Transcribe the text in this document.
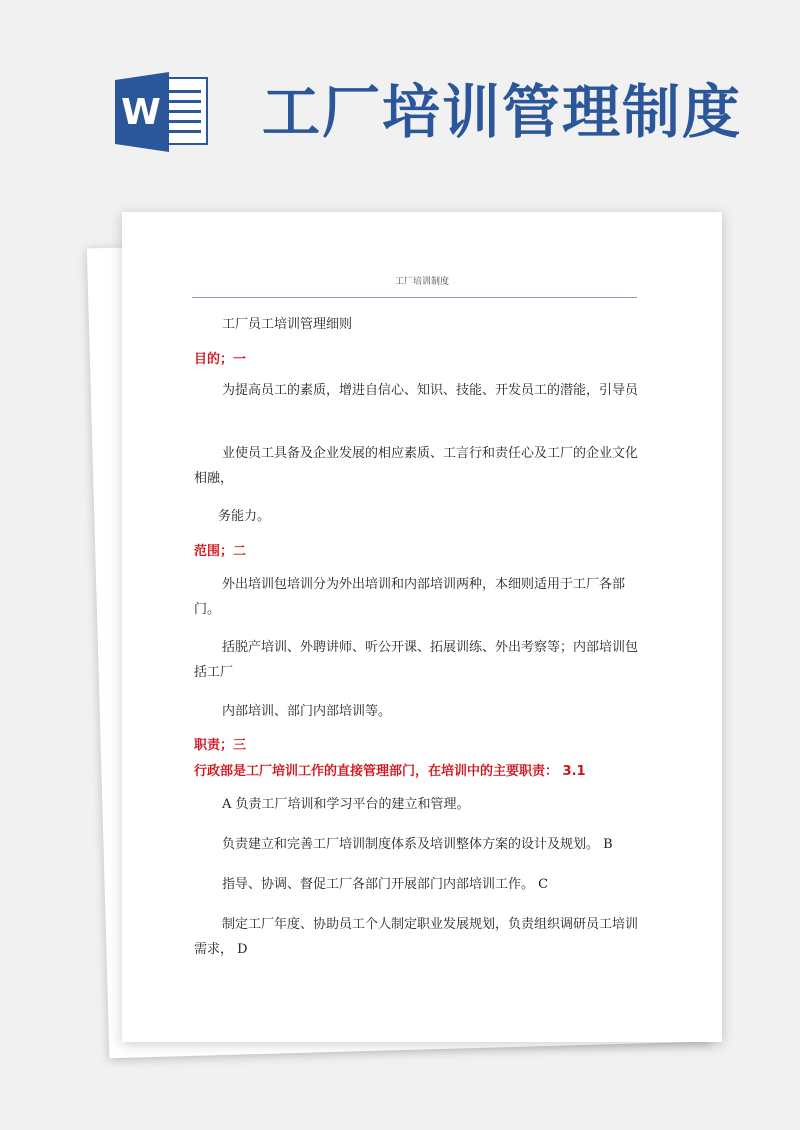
W 工厂培训管理制度

工厂培训制度

工厂员工培训管理细则

目的；一

为提高员工的素质，增进自信心、知识、技能、开发员工的潜能，引导员

业使员工具备及企业发展的相应素质、工言行和责任心及工厂的企业文化相融，

务能力。

范围；二

外出培训包培训分为外出培训和内部培训两种，本细则适用于工厂各部门。

括脱产培训、外聘讲师、听公开课、拓展训练、外出考察等；内部培训包括工厂

内部培训、部门内部培训等。

职责；三

行政部是工厂培训工作的直接管理部门，在培训中的主要职责： 3.1

A 负责工厂培训和学习平台的建立和管理。

负责建立和完善工厂培训制度体系及培训整体方案的设计及规划。 B

指导、协调、督促工厂各部门开展部门内部培训工作。 C

制定工厂年度、协助员工个人制定职业发展规划，负责组织调研员工培训需求， D
